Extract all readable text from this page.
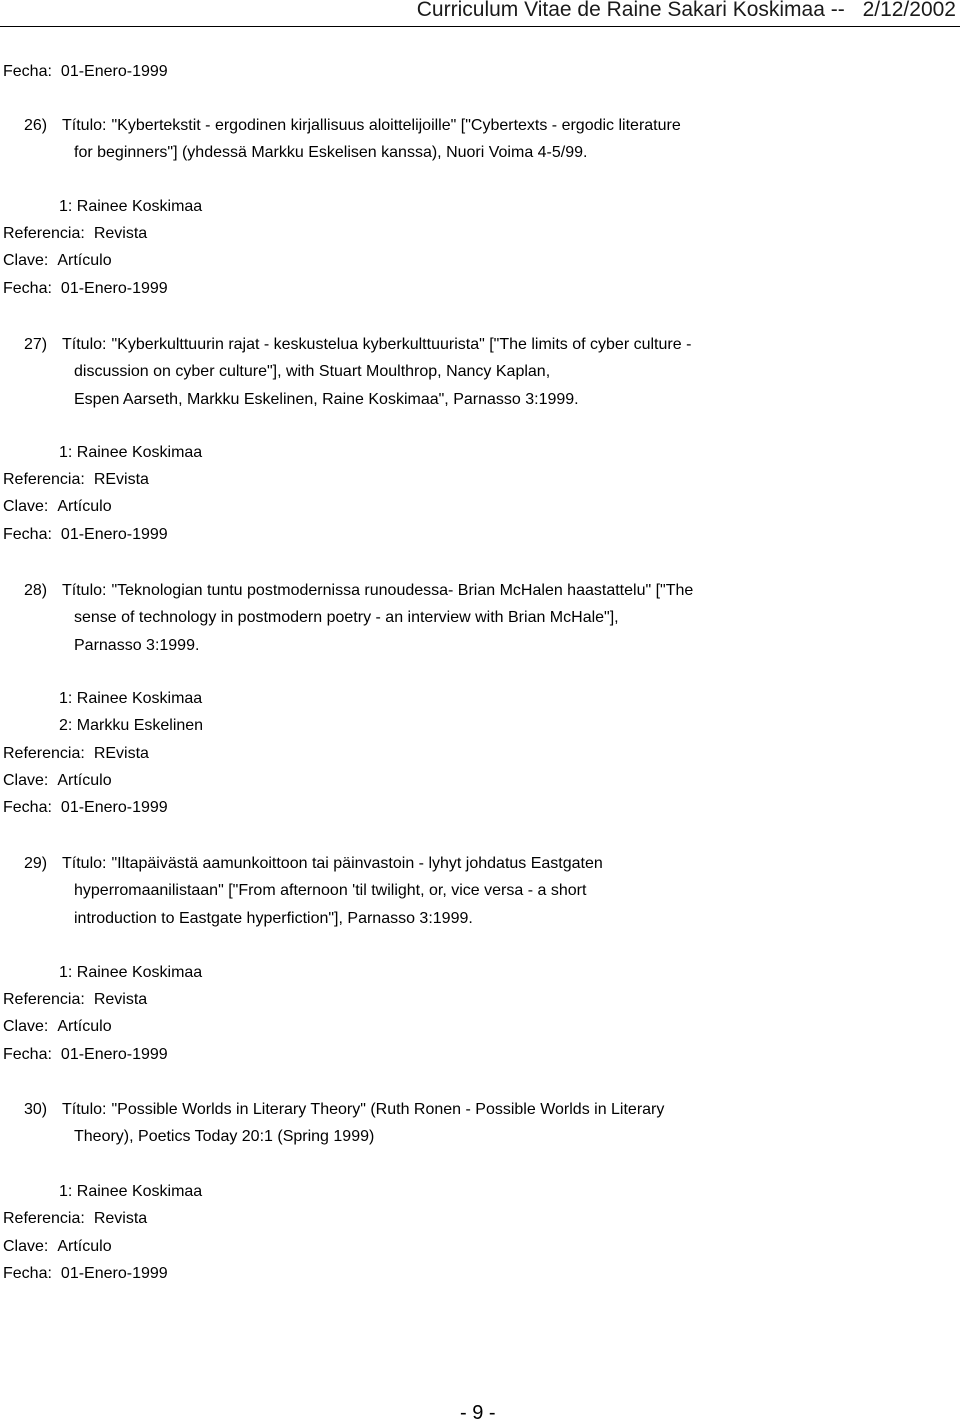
Curriculum Vitae de Raine Sakari Koskimaa -- 2/12/2002
Fecha: 01-Enero-1999
26) Título: "Kybertekstit - ergodinen kirjallisuus aloittelijoille" ["Cybertexts - ergodic literature
for beginners"] (yhdessä Markku Eskelisen kanssa), Nuori Voima 4-5/99.
1: Rainee Koskimaa
Referencia: Revista
Clave: Artículo
Fecha: 01-Enero-1999
27) Título: "Kyberkulttuurin rajat - keskustelua kyberkulttuurista" ["The limits of cyber culture -
discussion on cyber culture"], with Stuart Moulthrop, Nancy Kaplan,
Espen Aarseth, Markku Eskelinen, Raine Koskimaa", Parnasso 3:1999.
1: Rainee Koskimaa
Referencia: REvista
Clave: Artículo
Fecha: 01-Enero-1999
28) Título: "Teknologian tuntu postmodernissa runoudessa- Brian McHalen haastattelu" ["The
sense of technology in postmodern poetry - an interview with Brian McHale"],
Parnasso 3:1999.
1: Rainee Koskimaa
2: Markku Eskelinen
Referencia: REvista
Clave: Artículo
Fecha: 01-Enero-1999
29) Título: "Iltapäivästä aamunkoittoon tai päinvastoin - lyhyt johdatus Eastgaten
hyperromaanilistaan" ["From afternoon 'til twilight, or, vice versa - a short
introduction to Eastgate hyperfiction"], Parnasso 3:1999.
1: Rainee Koskimaa
Referencia: Revista
Clave: Artículo
Fecha: 01-Enero-1999
30) Título: "Possible Worlds in Literary Theory" (Ruth Ronen - Possible Worlds in Literary
Theory), Poetics Today 20:1 (Spring 1999)
1: Rainee Koskimaa
Referencia: Revista
Clave: Artículo
Fecha: 01-Enero-1999
- 9 -
